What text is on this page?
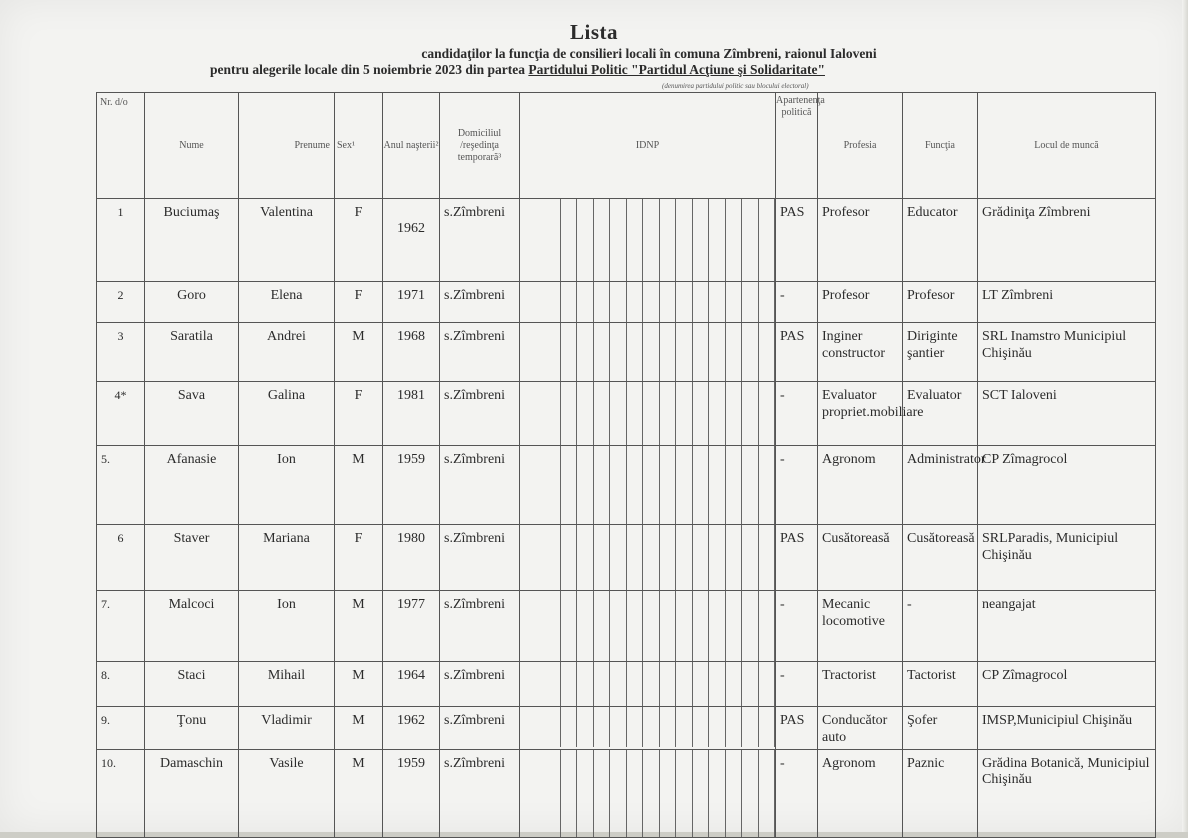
Lista
candidaţilor la funcţia de consilieri locali în comuna Zîmbreni, raionul Ialoveni
pentru alegerile locale din 5 noiembrie 2023 din partea Partidului Politic "Partidul Acţiune şi Solidaritate"
(denumirea partidului politic sau blocului electoral)
Nr. d/o	Nume	Prenume	Sex¹	Anul naşterii²	Domiciliul /reşedinţa temporară³	IDNP	Apartenenţa politică	Profesia	Funcţia	Locul de muncă

1	Buciumaş	Valentina	F	1962	s.Zîmbreni		PAS	Profesor	Educator	Grădiniţa Zîmbreni

2	Goro	Elena	F	1971	s.Zîmbreni		-	Profesor	Profesor	LT Zîmbreni

3	Saratila	Andrei	M	1968	s.Zîmbreni		PAS	Inginer constructor	Diriginte şantier	SRL Inamstro Municipiul Chişinău

4*	Sava	Galina	F	1981	s.Zîmbreni		-	Evaluator propriet.mobiliare	Evaluator	SCT Ialoveni

5.	Afanasie	Ion	M	1959	s.Zîmbreni		-	Agronom	Administrator	CP Zîmagrocol

6	Staver	Mariana	F	1980	s.Zîmbreni		PAS	Cusătoreasă	Cusătoreasă	SRLParadis, Municipiul Chişinău

7.	Malcoci	Ion	M	1977	s.Zîmbreni		-	Mecanic locomotive	-	neangajat

8.	Staci	Mihail	M	1964	s.Zîmbreni		-	Tractorist	Tactorist	CP Zîmagrocol

9.	Ţonu	Vladimir	M	1962	s.Zîmbreni		PAS	Conducător auto	Şofer	IMSP,Municipiul Chişinău

10.	Damaschin	Vasile	M	1959	s.Zîmbreni		-	Agronom	Paznic	Grădina Botanică, Municipiul Chişinău
